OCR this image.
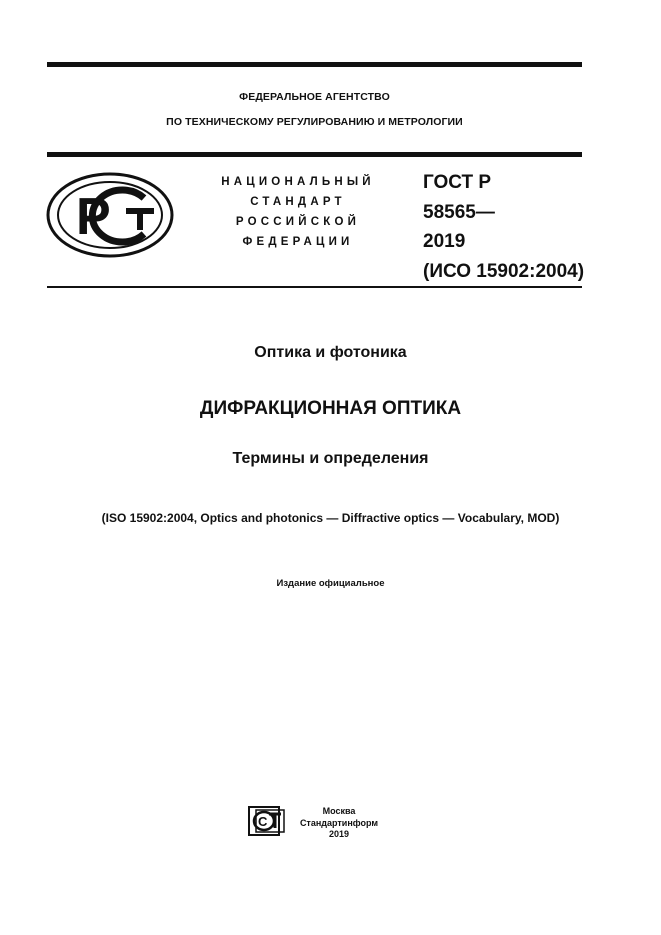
ФЕДЕРАЛЬНОЕ АГЕНТСТВО
ПО ТЕХНИЧЕСКОМУ РЕГУЛИРОВАНИЮ И МЕТРОЛОГИИ
Р
НАЦИОНАЛЬНЫЙ
СТАНДАРТ
РОССИЙСКОЙ
ФЕДЕРАЦИИ
ГОСТ Р
58565—
2019
(ИСО 15902:2004)
Оптика и фотоника
ДИФРАКЦИОННАЯ ОПТИКА
Термины и определения
(ISO 15902:2004, Optics and photonics — Diffractive optics — Vocabulary, MOD)
Издание официальное
С
Москва
Стандартинформ
2019
